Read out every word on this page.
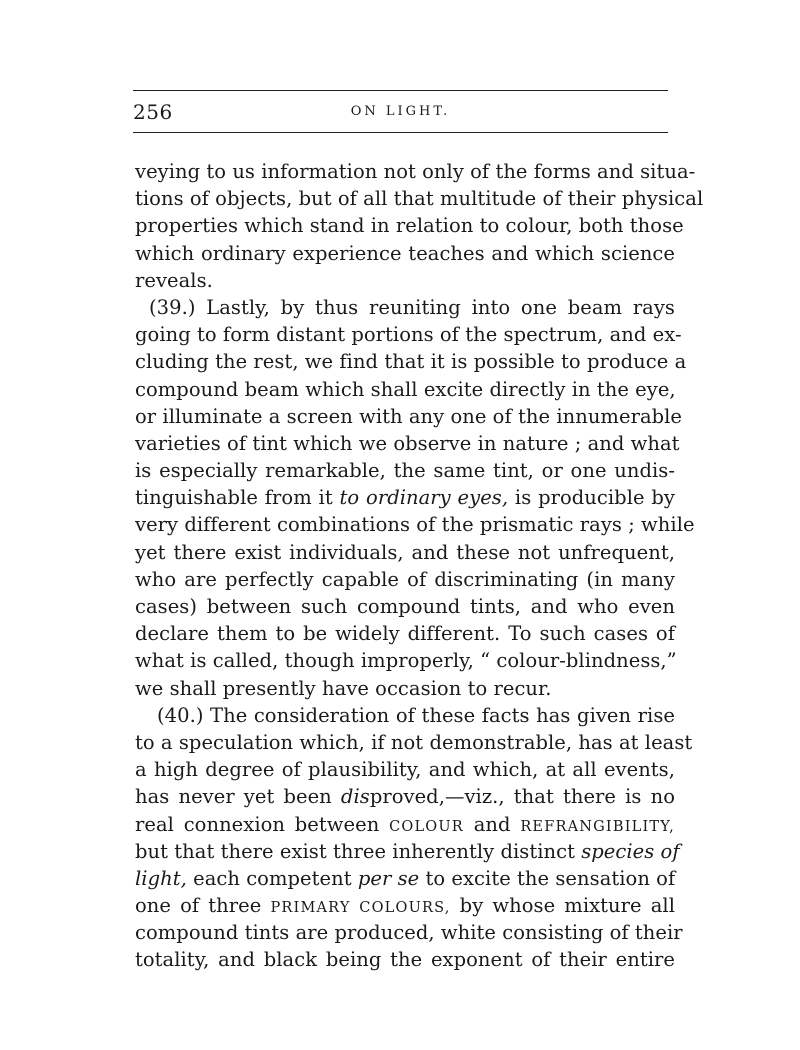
256	ON LIGHT.
veying to us information not only of the forms and situa-
tions of objects, but of all that multitude of their physical
properties which stand in relation to colour, both those
which ordinary experience teaches and which science
reveals.
(39.) Lastly, by thus reuniting into one beam rays
going to form distant portions of the spectrum, and ex-
cluding the rest, we find that it is possible to produce a
compound beam which shall excite directly in the eye,
or illuminate a screen with any one of the innumerable
varieties of tint which we observe in nature ; and what
is especially remarkable, the same tint, or one undis-
tinguishable from it to ordinary eyes, is producible by
very different combinations of the prismatic rays ; while
yet there exist individuals, and these not unfrequent,
who are perfectly capable of discriminating (in many
cases) between such compound tints, and who even
declare them to be widely different. To such cases of
what is called, though improperly, “ colour-blindness,”
we shall presently have occasion to recur.
(40.) The consideration of these facts has given rise
to a speculation which, if not demonstrable, has at least
a high degree of plausibility, and which, at all events,
has never yet been disproved,—viz., that there is no
real connexion between COLOUR and REFRANGIBILITY,
but that there exist three inherently distinct species of
light, each competent per se to excite the sensation of
one of three PRIMARY COLOURS, by whose mixture all
compound tints are produced, white consisting of their
totality, and black being the exponent of their entire
